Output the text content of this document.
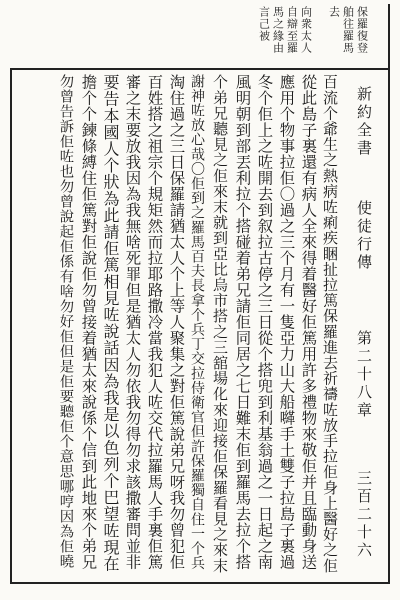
新約全書
使徒行傳
第二十八章
三百二十六
保羅復登
舶往羅馬
去
向衆太人
自辯至羅
馬之緣由
言己被
百流个爺生之熱病咗痢疾睏扯拉篤保羅進去祈禱咗放手拉佢身上醫好之佢
從此島子裏還有病人全來得着醫好佢篤用許多禮物來敬佢并且臨動身送
應用个物事拉佢〇過之三个月有一隻亞力山大船𡃈手土雙子拉島子裏過
冬个佢上之咗開去到叙拉古停之三日從个搭兜到利基翁過之一日起之南
風明朝到部丟利拉个搭碰着弟兄請佢同居之七日難末佢到羅馬去拉个搭
个弟兄聽見之佢來末就到亞比烏市搭之三舘場化來迎接佢保羅看見之來末
謝神咗放心哉〇佢到之羅馬百夫長拿个兵丁交拉侍衛官但許保羅獨自住一个兵
淘住過之三日保羅請猶太人个上等人聚集之對佢篤說弟兄呀我勿曾犯佢
百姓搭之祖宗个規矩然而拉耶路撒冷當我犯人咗交代拉羅馬人手裏佢篤
審之末要放我因為我無啥死罪但是猶太人勿依我勿得勿求該撒審問並非
要告本國人个狀為此請佢篤相見咗說話因為我是以色列个巴望咗現在
擔个个鍊條縛住佢篤對佢說佢勿曾接着猶太來說係个信到此地來个弟兄
勿曾告訴佢咗也勿曾說起佢係有啥勿好佢但是佢要聽佢个意思哪哼因為佢曉
